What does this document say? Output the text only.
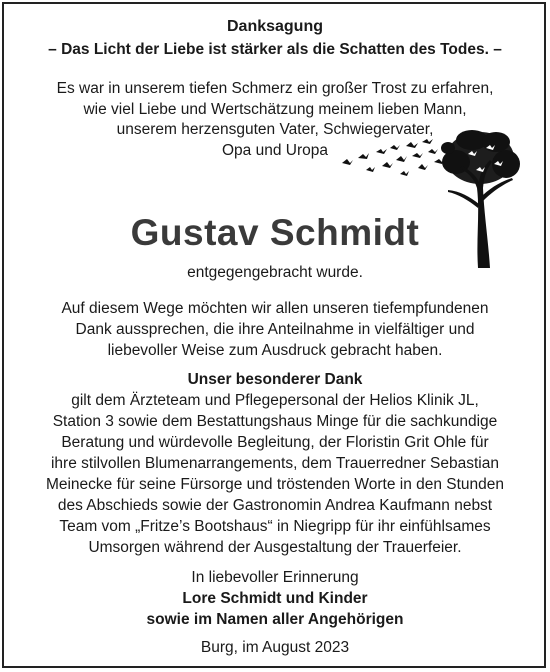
Danksagung
– Das Licht der Liebe ist stärker als die Schatten des Todes. –
Es war in unserem tiefen Schmerz ein großer Trost zu erfahren,
wie viel Liebe und Wertschätzung meinem lieben Mann,
unserem herzensguten Vater, Schwiegervater,
Opa und Uropa
Gustav Schmidt
entgegengebracht wurde.
Auf diesem Wege möchten wir allen unseren tiefempfundenen
Dank aussprechen, die ihre Anteilnahme in vielfältiger und
liebevoller Weise zum Ausdruck gebracht haben.
Unser besonderer Dank
gilt dem Ärzteteam und Pflegepersonal der Helios Klinik JL,
Station 3 sowie dem Bestattungshaus Minge für die sachkundige
Beratung und würdevolle Begleitung, der Floristin Grit Ohle für
ihre stilvollen Blumenarrangements, dem Trauerredner Sebastian
Meinecke für seine Fürsorge und tröstenden Worte in den Stunden
des Abschieds sowie der Gastronomin Andrea Kaufmann nebst
Team vom „Fritze’s Bootshaus“ in Niegripp für ihr einfühlsames
Umsorgen während der Ausgestaltung der Trauerfeier.
In liebevoller Erinnerung
Lore Schmidt und Kinder
sowie im Namen aller Angehörigen
Burg, im August 2023
